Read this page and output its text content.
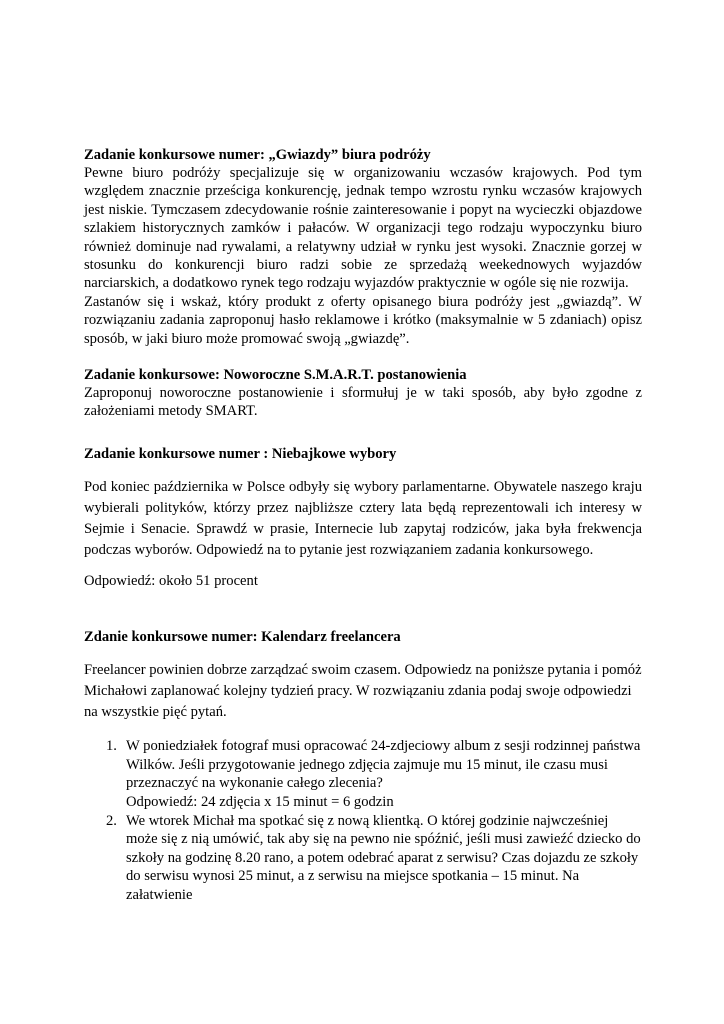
Zadanie konkursowe numer: „Gwiazdy” biura podróży

Pewne biuro podróży specjalizuje się w organizowaniu wczasów krajowych. Pod tym względem znacznie prześciga konkurencję, jednak tempo wzrostu rynku wczasów krajowych jest niskie. Tymczasem zdecydowanie rośnie zainteresowanie i popyt na wycieczki objazdowe szlakiem historycznych zamków i pałaców. W organizacji tego rodzaju wypoczynku biuro również dominuje nad rywalami, a relatywny udział w rynku jest wysoki. Znacznie gorzej w stosunku do konkurencji biuro radzi sobie ze sprzedażą weekednowych wyjazdów narciarskich, a dodatkowo rynek tego rodzaju wyjazdów praktycznie w ogóle się nie rozwija.

Zastanów się i wskaż, który produkt z oferty opisanego biura podróży jest „gwiazdą”. W rozwiązaniu zadania zaproponuj hasło reklamowe i krótko (maksymalnie w 5 zdaniach) opisz sposób, w jaki biuro może promować swoją „gwiazdę”.

Zadanie konkursowe: Noworoczne S.M.A.R.T. postanowienia

Zaproponuj noworoczne postanowienie i sformułuj je w taki sposób, aby było zgodne z założeniami metody SMART.

Zadanie konkursowe numer : Niebajkowe wybory

Pod koniec października w Polsce odbyły się wybory parlamentarne. Obywatele naszego kraju wybierali polityków, którzy przez najbliższe cztery lata będą reprezentowali ich interesy w Sejmie i Senacie. Sprawdź w prasie, Internecie lub zapytaj rodziców, jaka była frekwencja podczas wyborów. Odpowiedź na to pytanie jest rozwiązaniem zadania konkursowego.

Odpowiedź: około 51 procent

Zdanie konkursowe numer: Kalendarz freelancera

Freelancer powinien dobrze zarządzać swoim czasem. Odpowiedz na poniższe pytania i pomóż Michałowi zaplanować kolejny tydzień pracy. W rozwiązaniu zdania podaj swoje odpowiedzi na wszystkie pięć pytań.

1. W poniedziałek fotograf musi opracować 24-zdjeciowy album z sesji rodzinnej państwa Wilków. Jeśli przygotowanie jednego zdjęcia zajmuje mu 15 minut, ile czasu musi przeznaczyć na wykonanie całego zlecenia?
Odpowiedź: 24 zdjęcia x 15 minut = 6 godzin
2. We wtorek Michał ma spotkać się z nową klientką. O której godzinie najwcześniej może się z nią umówić, tak aby się na pewno nie spóźnić, jeśli musi zawieźć dziecko do szkoły na godzinę 8.20 rano, a potem odebrać aparat z serwisu? Czas dojazdu ze szkoły do serwisu wynosi 25 minut, a z serwisu na miejsce spotkania – 15 minut. Na załatwienie
